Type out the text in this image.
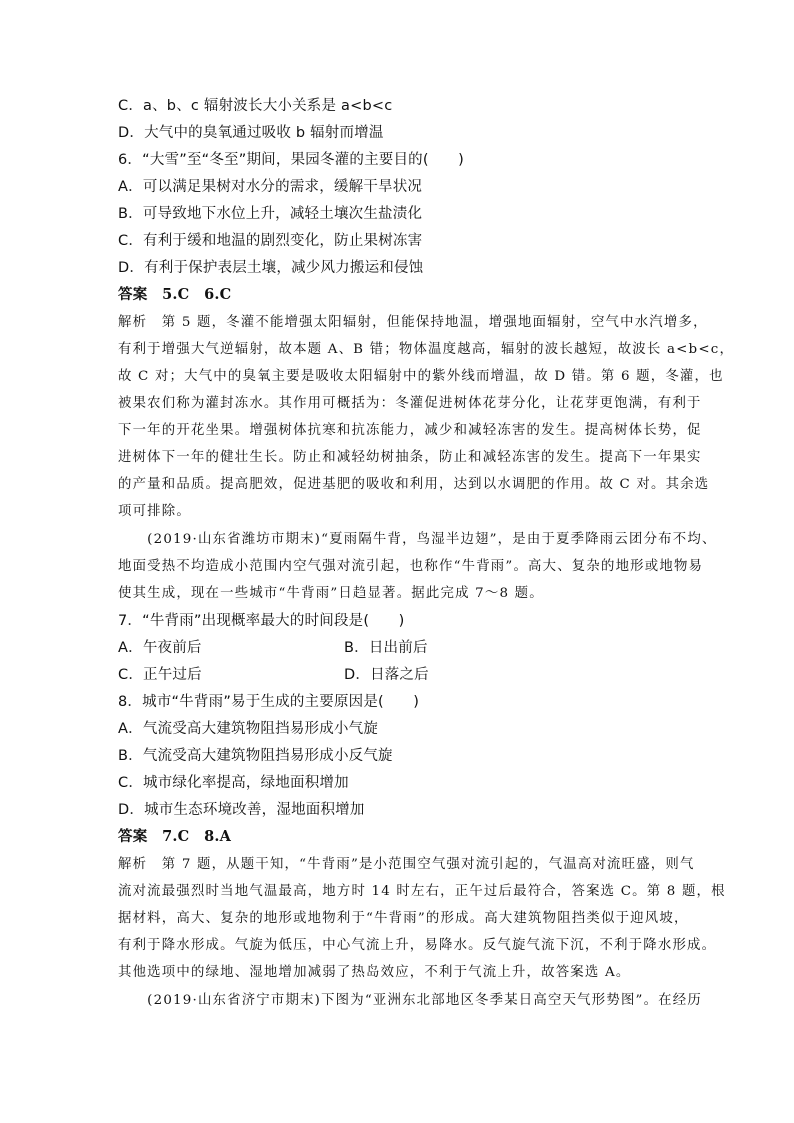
C．a、b、c 辐射波长大小关系是 a<b<c
D．大气中的臭氧通过吸收 b 辐射而增温
6．“大雪”至“冬至”期间，果园冬灌的主要目的(　　)
A．可以满足果树对水分的需求，缓解干旱状况
B．可导致地下水位上升，减轻土壤次生盐渍化
C．有利于缓和地温的剧烈变化，防止果树冻害
D．有利于保护表层土壤，减少风力搬运和侵蚀
答案　5.C　6.C
解析　第 5 题，冬灌不能增强太阳辐射，但能保持地温，增强地面辐射，空气中水汽增多，
有利于增强大气逆辐射，故本题 A、B 错；物体温度越高，辐射的波长越短，故波长 a<b<c，
故 C 对；大气中的臭氧主要是吸收太阳辐射中的紫外线而增温，故 D 错。第 6 题，冬灌，也
被果农们称为灌封冻水。其作用可概括为：冬灌促进树体花芽分化，让花芽更饱满，有利于
下一年的开花坐果。增强树体抗寒和抗冻能力，减少和减轻冻害的发生。提高树体长势，促
进树体下一年的健壮生长。防止和减轻幼树抽条，防止和减轻冻害的发生。提高下一年果实
的产量和品质。提高肥效，促进基肥的吸收和利用，达到以水调肥的作用。故 C 对。其余选
项可排除。
　　(2019·山东省潍坊市期末)“夏雨隔牛背，鸟湿半边翅”，是由于夏季降雨云团分布不均、
地面受热不均造成小范围内空气强对流引起，也称作“牛背雨”。高大、复杂的地形或地物易
使其生成，现在一些城市“牛背雨”日趋显著。据此完成 7～8 题。
7．“牛背雨”出现概率最大的时间段是(　　)
A．午夜前后	B．日出前后
C．正午过后	D．日落之后
8．城市“牛背雨”易于生成的主要原因是(　　)
A．气流受高大建筑物阻挡易形成小气旋
B．气流受高大建筑物阻挡易形成小反气旋
C．城市绿化率提高，绿地面积增加
D．城市生态环境改善，湿地面积增加
答案　7.C　8.A
解析　第 7 题，从题干知，“牛背雨”是小范围空气强对流引起的，气温高对流旺盛，则气
流对流最强烈时当地气温最高，地方时 14 时左右，正午过后最符合，答案选 C。第 8 题，根
据材料，高大、复杂的地形或地物利于“牛背雨”的形成。高大建筑物阻挡类似于迎风坡，
有利于降水形成。气旋为低压，中心气流上升，易降水。反气旋气流下沉，不利于降水形成。
其他选项中的绿地、湿地增加减弱了热岛效应，不利于气流上升，故答案选 A。
　　(2019·山东省济宁市期末)下图为“亚洲东北部地区冬季某日高空天气形势图”。在经历
